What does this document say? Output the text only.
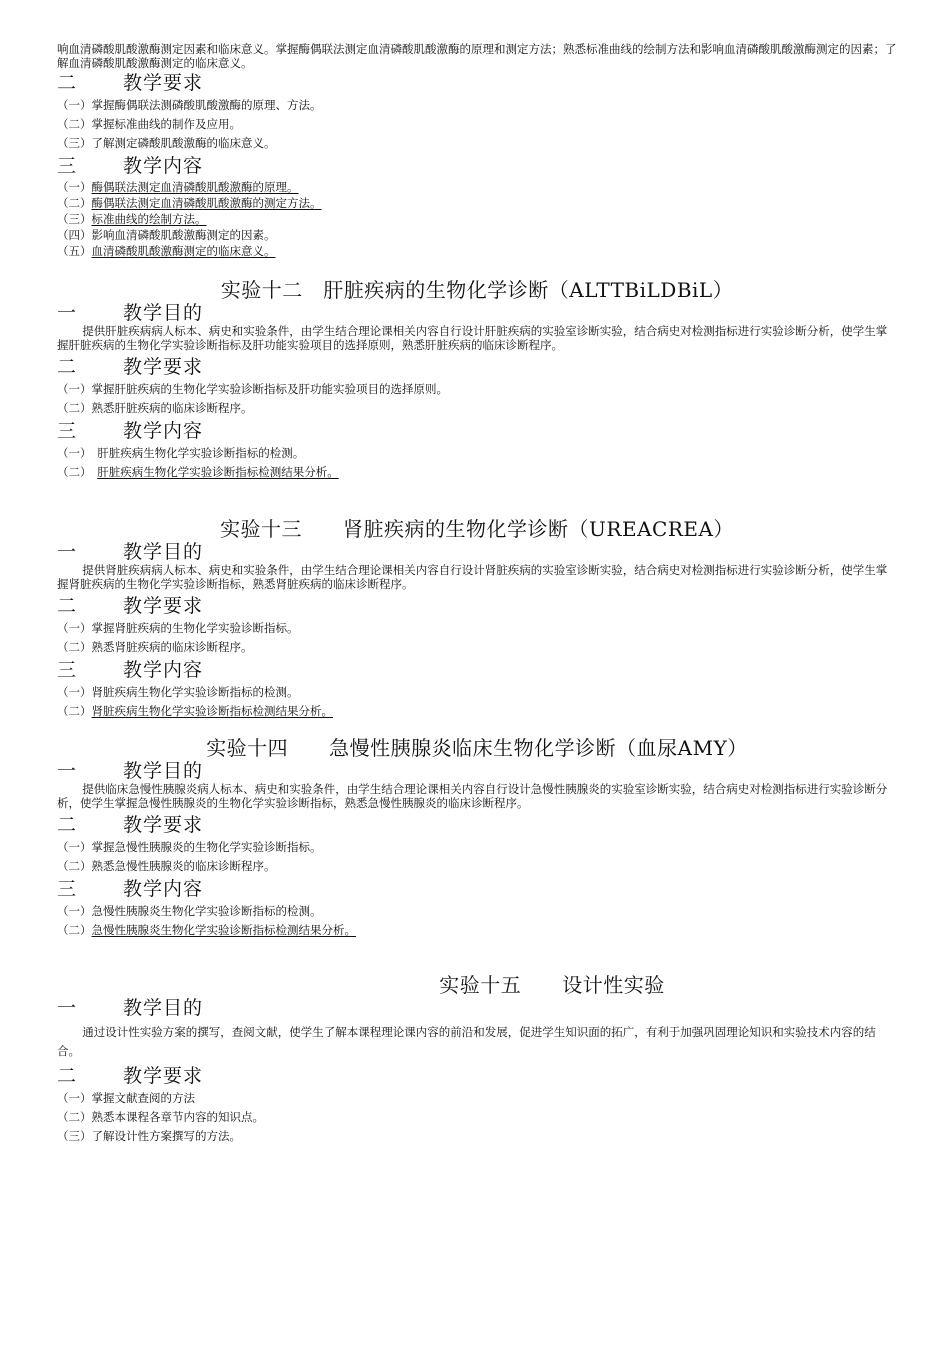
响血清磷酸肌酸激酶测定因素和临床意义。掌握酶偶联法测定血清磷酸肌酸激酶的原理和测定方法；熟悉标准曲线的绘制方法和影响血清磷酸肌酸激酶测定的因素；了解血清磷酸肌酸激酶测定的临床意义。

二 教学要求

（一）掌握酶偶联法测磷酸肌酸激酶的原理、方法。

（二）掌握标准曲线的制作及应用。

（三）了解测定磷酸肌酸激酶的临床意义。

三 教学内容

（一）酶偶联法测定血清磷酸肌酸激酶的原理。

（二）酶偶联法测定血清磷酸肌酸激酶的测定方法。

（三）标准曲线的绘制方法。

（四）影响血清磷酸肌酸激酶测定的因素。

（五）血清磷酸肌酸激酶测定的临床意义。

实验十二　肝脏疾病的生物化学诊断（ALTTBiLDBiL）

一 教学目的

提供肝脏疾病病人标本、病史和实验条件，由学生结合理论课相关内容自行设计肝脏疾病的实验室诊断实验，结合病史对检测指标进行实验诊断分析，使学生掌握肝脏疾病的生物化学实验诊断指标及肝功能实验项目的选择原则，熟悉肝脏疾病的临床诊断程序。

二 教学要求

（一）掌握肝脏疾病的生物化学实验诊断指标及肝功能实验项目的选择原则。

（二）熟悉肝脏疾病的临床诊断程序。

三 教学内容

（一）　肝脏疾病生物化学实验诊断指标的检测。

（二）　肝脏疾病生物化学实验诊断指标检测结果分析。

实验十三　　肾脏疾病的生物化学诊断（UREACREA）

一 教学目的

提供肾脏疾病病人标本、病史和实验条件，由学生结合理论课相关内容自行设计肾脏疾病的实验室诊断实验，结合病史对检测指标进行实验诊断分析，使学生掌握肾脏疾病的生物化学实验诊断指标，熟悉肾脏疾病的临床诊断程序。

二 教学要求

（一）掌握肾脏疾病的生物化学实验诊断指标。

（二）熟悉肾脏疾病的临床诊断程序。

三 教学内容

（一）肾脏疾病生物化学实验诊断指标的检测。

（二）肾脏疾病生物化学实验诊断指标检测结果分析。

实验十四　　急慢性胰腺炎临床生物化学诊断（血尿AMY）

一 教学目的

提供临床急慢性胰腺炎病人标本、病史和实验条件，由学生结合理论课相关内容自行设计急慢性胰腺炎的实验室诊断实验，结合病史对检测指标进行实验诊断分析，使学生掌握急慢性胰腺炎的生物化学实验诊断指标，熟悉急慢性胰腺炎的临床诊断程序。

二 教学要求

（一）掌握急慢性胰腺炎的生物化学实验诊断指标。

（二）熟悉急慢性胰腺炎的临床诊断程序。

三 教学内容

（一）急慢性胰腺炎生物化学实验诊断指标的检测。

（二）急慢性胰腺炎生物化学实验诊断指标检测结果分析。

实验十五　　设计性实验

一 教学目的

通过设计性实验方案的撰写，查阅文献，使学生了解本课程理论课内容的前沿和发展，促进学生知识面的拓广，有利于加强巩固理论知识和实验技术内容的结合。

二 教学要求

（一）掌握文献查阅的方法

（二）熟悉本课程各章节内容的知识点。

（三）了解设计性方案撰写的方法。
